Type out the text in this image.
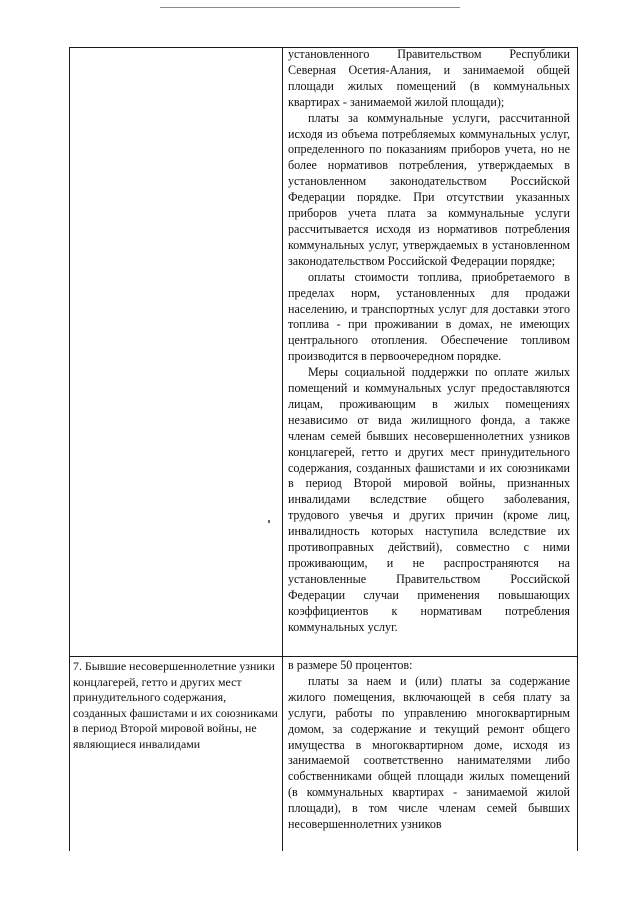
установленного Правительством Республики Северная Осетия-Алания, и занимаемой общей площади жилых помещений (в коммунальных квартирах - занимаемой жилой площади);

платы за коммунальные услуги, рассчитанной исходя из объема потребляемых коммунальных услуг, определенного по показаниям приборов учета, но не более нормативов потребления, утверждаемых в установленном законодательством Российской Федерации порядке. При отсутствии указанных приборов учета плата за коммунальные услуги рассчитывается исходя из нормативов потребления коммунальных услуг, утверждаемых в установленном законодательством Российской Федерации порядке;

оплаты стоимости топлива, приобретаемого в пределах норм, установленных для продажи населению, и транспортных услуг для доставки этого топлива - при проживании в домах, не имеющих центрального отопления. Обеспечение топливом производится в первоочередном порядке.

Меры социальной поддержки по оплате жилых помещений и коммунальных услуг предоставляются лицам, проживающим в жилых помещениях независимо от вида жилищного фонда, а также членам семей бывших несовершеннолетних узников концлагерей, гетто и других мест принудительного содержания, созданных фашистами и их союзниками в период Второй мировой войны, признанных инвалидами вследствие общего заболевания, трудового увечья и других причин (кроме лиц, инвалидность которых наступила вследствие их противоправных действий), совместно с ними проживающим, и не распространяются на установленные Правительством Российской Федерации случаи применения повышающих коэффициентов к нормативам потребления коммунальных услуг.

7. Бывшие несовершеннолетние узники концлагерей, гетто и других мест принудительного содержания, созданных фашистами и их союзниками в период Второй мировой войны, не являющиеся инвалидами

в размере 50 процентов:

платы за наем и (или) платы за содержание жилого помещения, включающей в себя плату за услуги, работы по управлению многоквартирным домом, за содержание и текущий ремонт общего имущества в многоквартирном доме, исходя из занимаемой соответственно нанимателями либо собственниками общей площади жилых помещений (в коммунальных квартирах - занимаемой жилой площади), в том числе членам семей бывших несовершеннолетних узников
